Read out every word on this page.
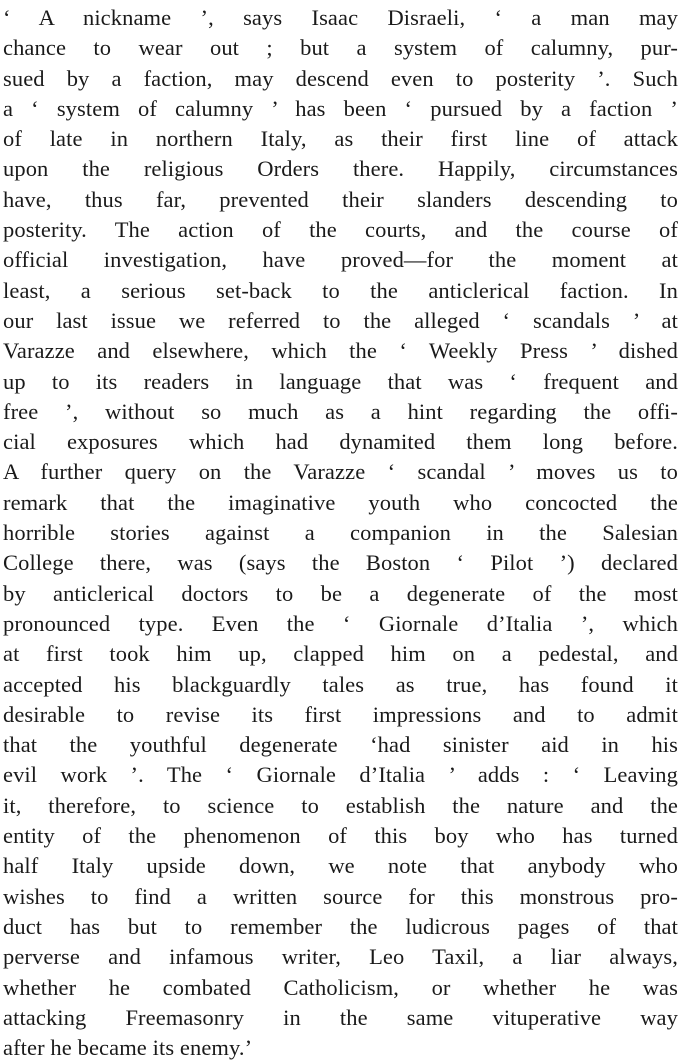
‘ A nickname ’, says Isaac Disraeli, ‘ a man may
chance to wear out ; but a system of calumny, pur-
sued by a faction, may descend even to posterity ’. Such
a ‘ system of calumny ’ has been ‘ pursued by a faction ’
of late in northern Italy, as their first line of attack
upon the religious Orders there. Happily, circumstances
have, thus far, prevented their slanders descending to
posterity. The action of the courts, and the course of
official investigation, have proved—for the moment at
least, a serious set-back to the anticlerical faction. In
our last issue we referred to the alleged ‘ scandals ’ at
Varazze and elsewhere, which the ‘ Weekly Press ’ dished
up to its readers in language that was ‘ frequent and
free ’, without so much as a hint regarding the offi-
cial exposures which had dynamited them long before.
A further query on the Varazze ‘ scandal ’ moves us to
remark that the imaginative youth who concocted the
horrible stories against a companion in the Salesian
College there, was (says the Boston ‘ Pilot ’) declared
by anticlerical doctors to be a degenerate of the most
pronounced type. Even the ‘ Giornale d’Italia ’, which
at first took him up, clapped him on a pedestal, and
accepted his blackguardly tales as true, has found it
desirable to revise its first impressions and to admit
that the youthful degenerate ‘had sinister aid in his
evil work ’. The ‘ Giornale d’Italia ’ adds : ‘ Leaving
it, therefore, to science to establish the nature and the
entity of the phenomenon of this boy who has turned
half Italy upside down, we note that anybody who
wishes to find a written source for this monstrous pro-
duct has but to remember the ludicrous pages of that
perverse and infamous writer, Leo Taxil, a liar always,
whether he combated Catholicism, or whether he was
attacking Freemasonry in the same vituperative way
after he became its enemy.’
